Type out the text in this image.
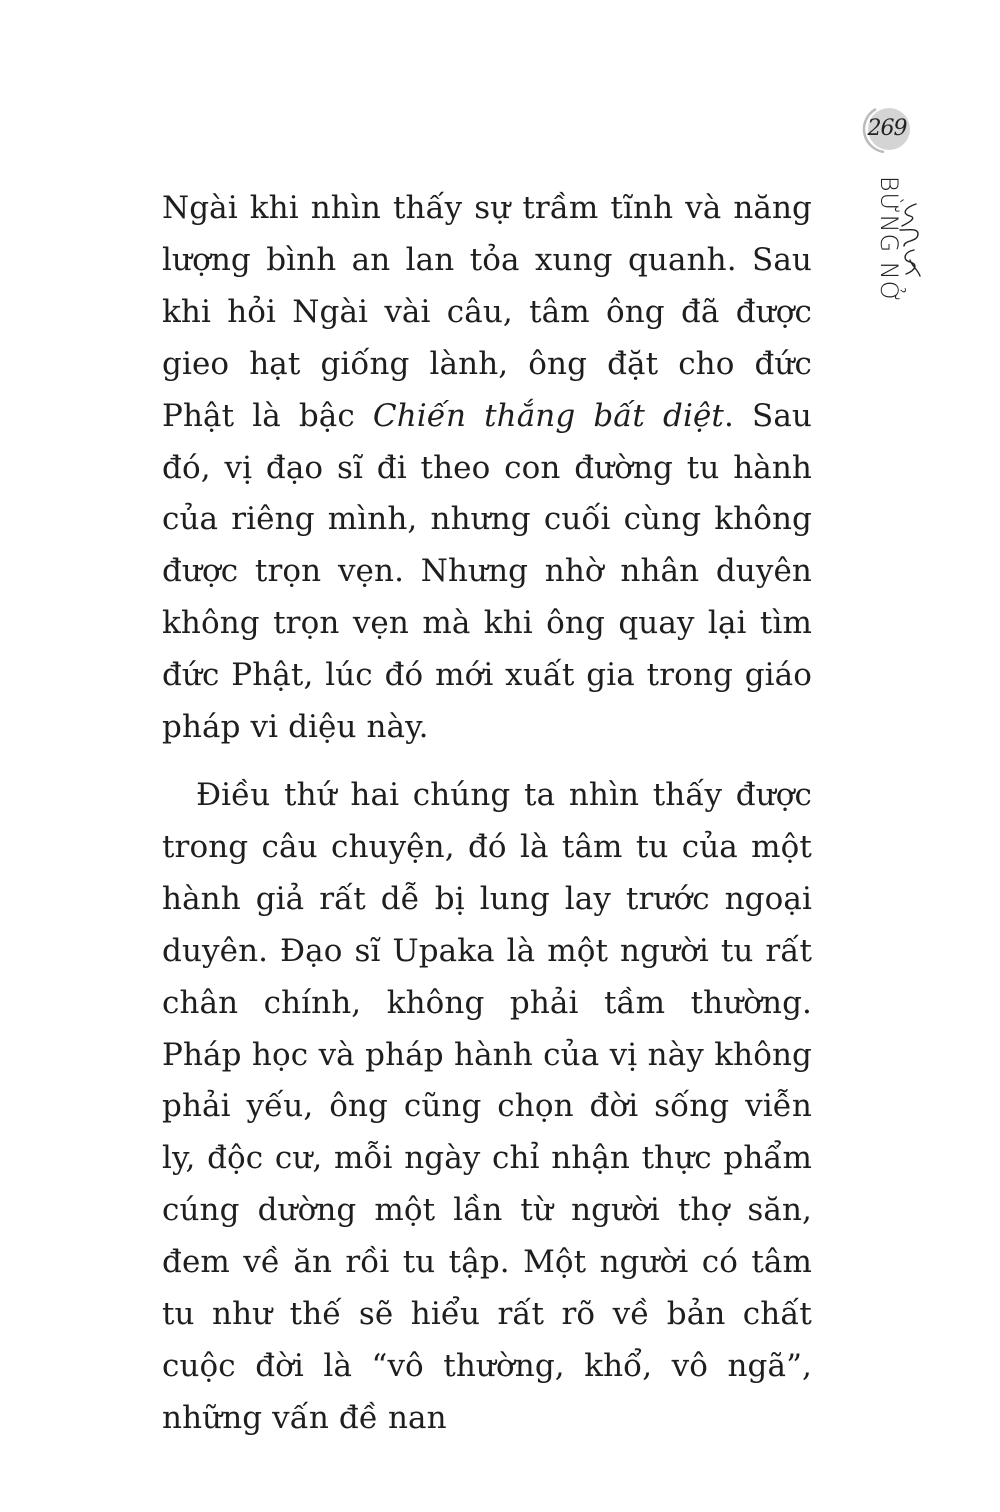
269
BỪNG NỞ

Ngài khi nhìn thấy sự trầm tĩnh và năng lượng bình an lan tỏa xung quanh. Sau khi hỏi Ngài vài câu, tâm ông đã được gieo hạt giống lành, ông đặt cho đức Phật là bậc Chiến thắng bất diệt. Sau đó, vị đạo sĩ đi theo con đường tu hành của riêng mình, nhưng cuối cùng không được trọn vẹn. Nhưng nhờ nhân duyên không trọn vẹn mà khi ông quay lại tìm đức Phật, lúc đó mới xuất gia trong giáo pháp vi diệu này.

Điều thứ hai chúng ta nhìn thấy được trong câu chuyện, đó là tâm tu của một hành giả rất dễ bị lung lay trước ngoại duyên. Đạo sĩ Upaka là một người tu rất chân chính, không phải tầm thường. Pháp học và pháp hành của vị này không phải yếu, ông cũng chọn đời sống viễn ly, độc cư, mỗi ngày chỉ nhận thực phẩm cúng dường một lần từ người thợ săn, đem về ăn rồi tu tập. Một người có tâm tu như thế sẽ hiểu rất rõ về bản chất cuộc đời là “vô thường, khổ, vô ngã”, những vấn đề nan
